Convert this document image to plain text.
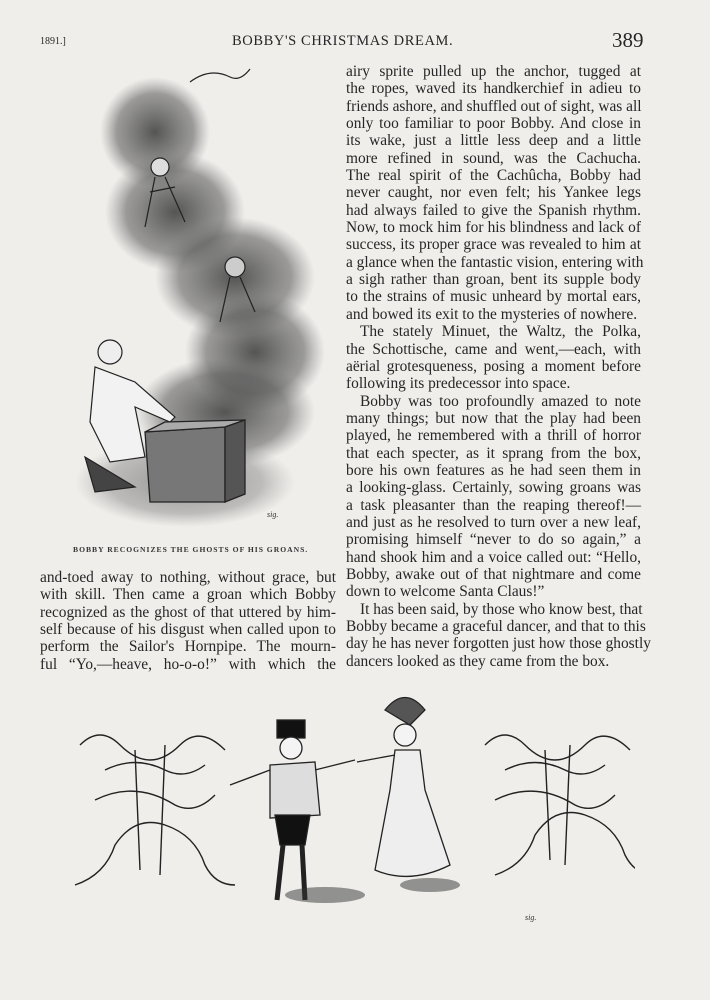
1891.]	BOBBY'S CHRISTMAS DREAM.	389
sig.
BOBBY RECOGNIZES THE GHOSTS OF HIS GROANS.
and-toed away to nothing, without grace, but
with skill. Then came a groan which Bobby
recognized as the ghost of that uttered by him-
self because of his disgust when called upon to
perform the Sailor's Hornpipe. The mourn-
ful “Yo,—heave, ho-o-o!” with which the
airy sprite pulled up the anchor, tugged at
the ropes, waved its handkerchief in adieu to
friends ashore, and shuffled out of sight, was all
only too familiar to poor Bobby. And close in
its wake, just a little less deep and a little
more refined in sound, was the Cachucha.
The real spirit of the Cachûcha, Bobby had
never caught, nor even felt; his Yankee legs
had always failed to give the Spanish rhythm.
Now, to mock him for his blindness and lack of
success, its proper grace was revealed to him at
a glance when the fantastic vision, entering with
a sigh rather than groan, bent its supple body
to the strains of music unheard by mortal ears,
and bowed its exit to the mysteries of nowhere.
The stately Minuet, the Waltz, the Polka,
the Schottische, came and went,—each, with
aërial grotesqueness, posing a moment before
following its predecessor into space.
Bobby was too profoundly amazed to note
many things; but now that the play had been
played, he remembered with a thrill of horror
that each specter, as it sprang from the box,
bore his own features as he had seen them in
a looking-glass. Certainly, sowing groans was
a task pleasanter than the reaping thereof!—
and just as he resolved to turn over a new leaf,
promising himself “never to do so again,” a
hand shook him and a voice called out: “Hello,
Bobby, awake out of that nightmare and come
down to welcome Santa Claus!”
It has been said, by those who know best, that
Bobby became a graceful dancer, and that to this
day he has never forgotten just how those ghostly
dancers looked as they came from the box.
sig.
